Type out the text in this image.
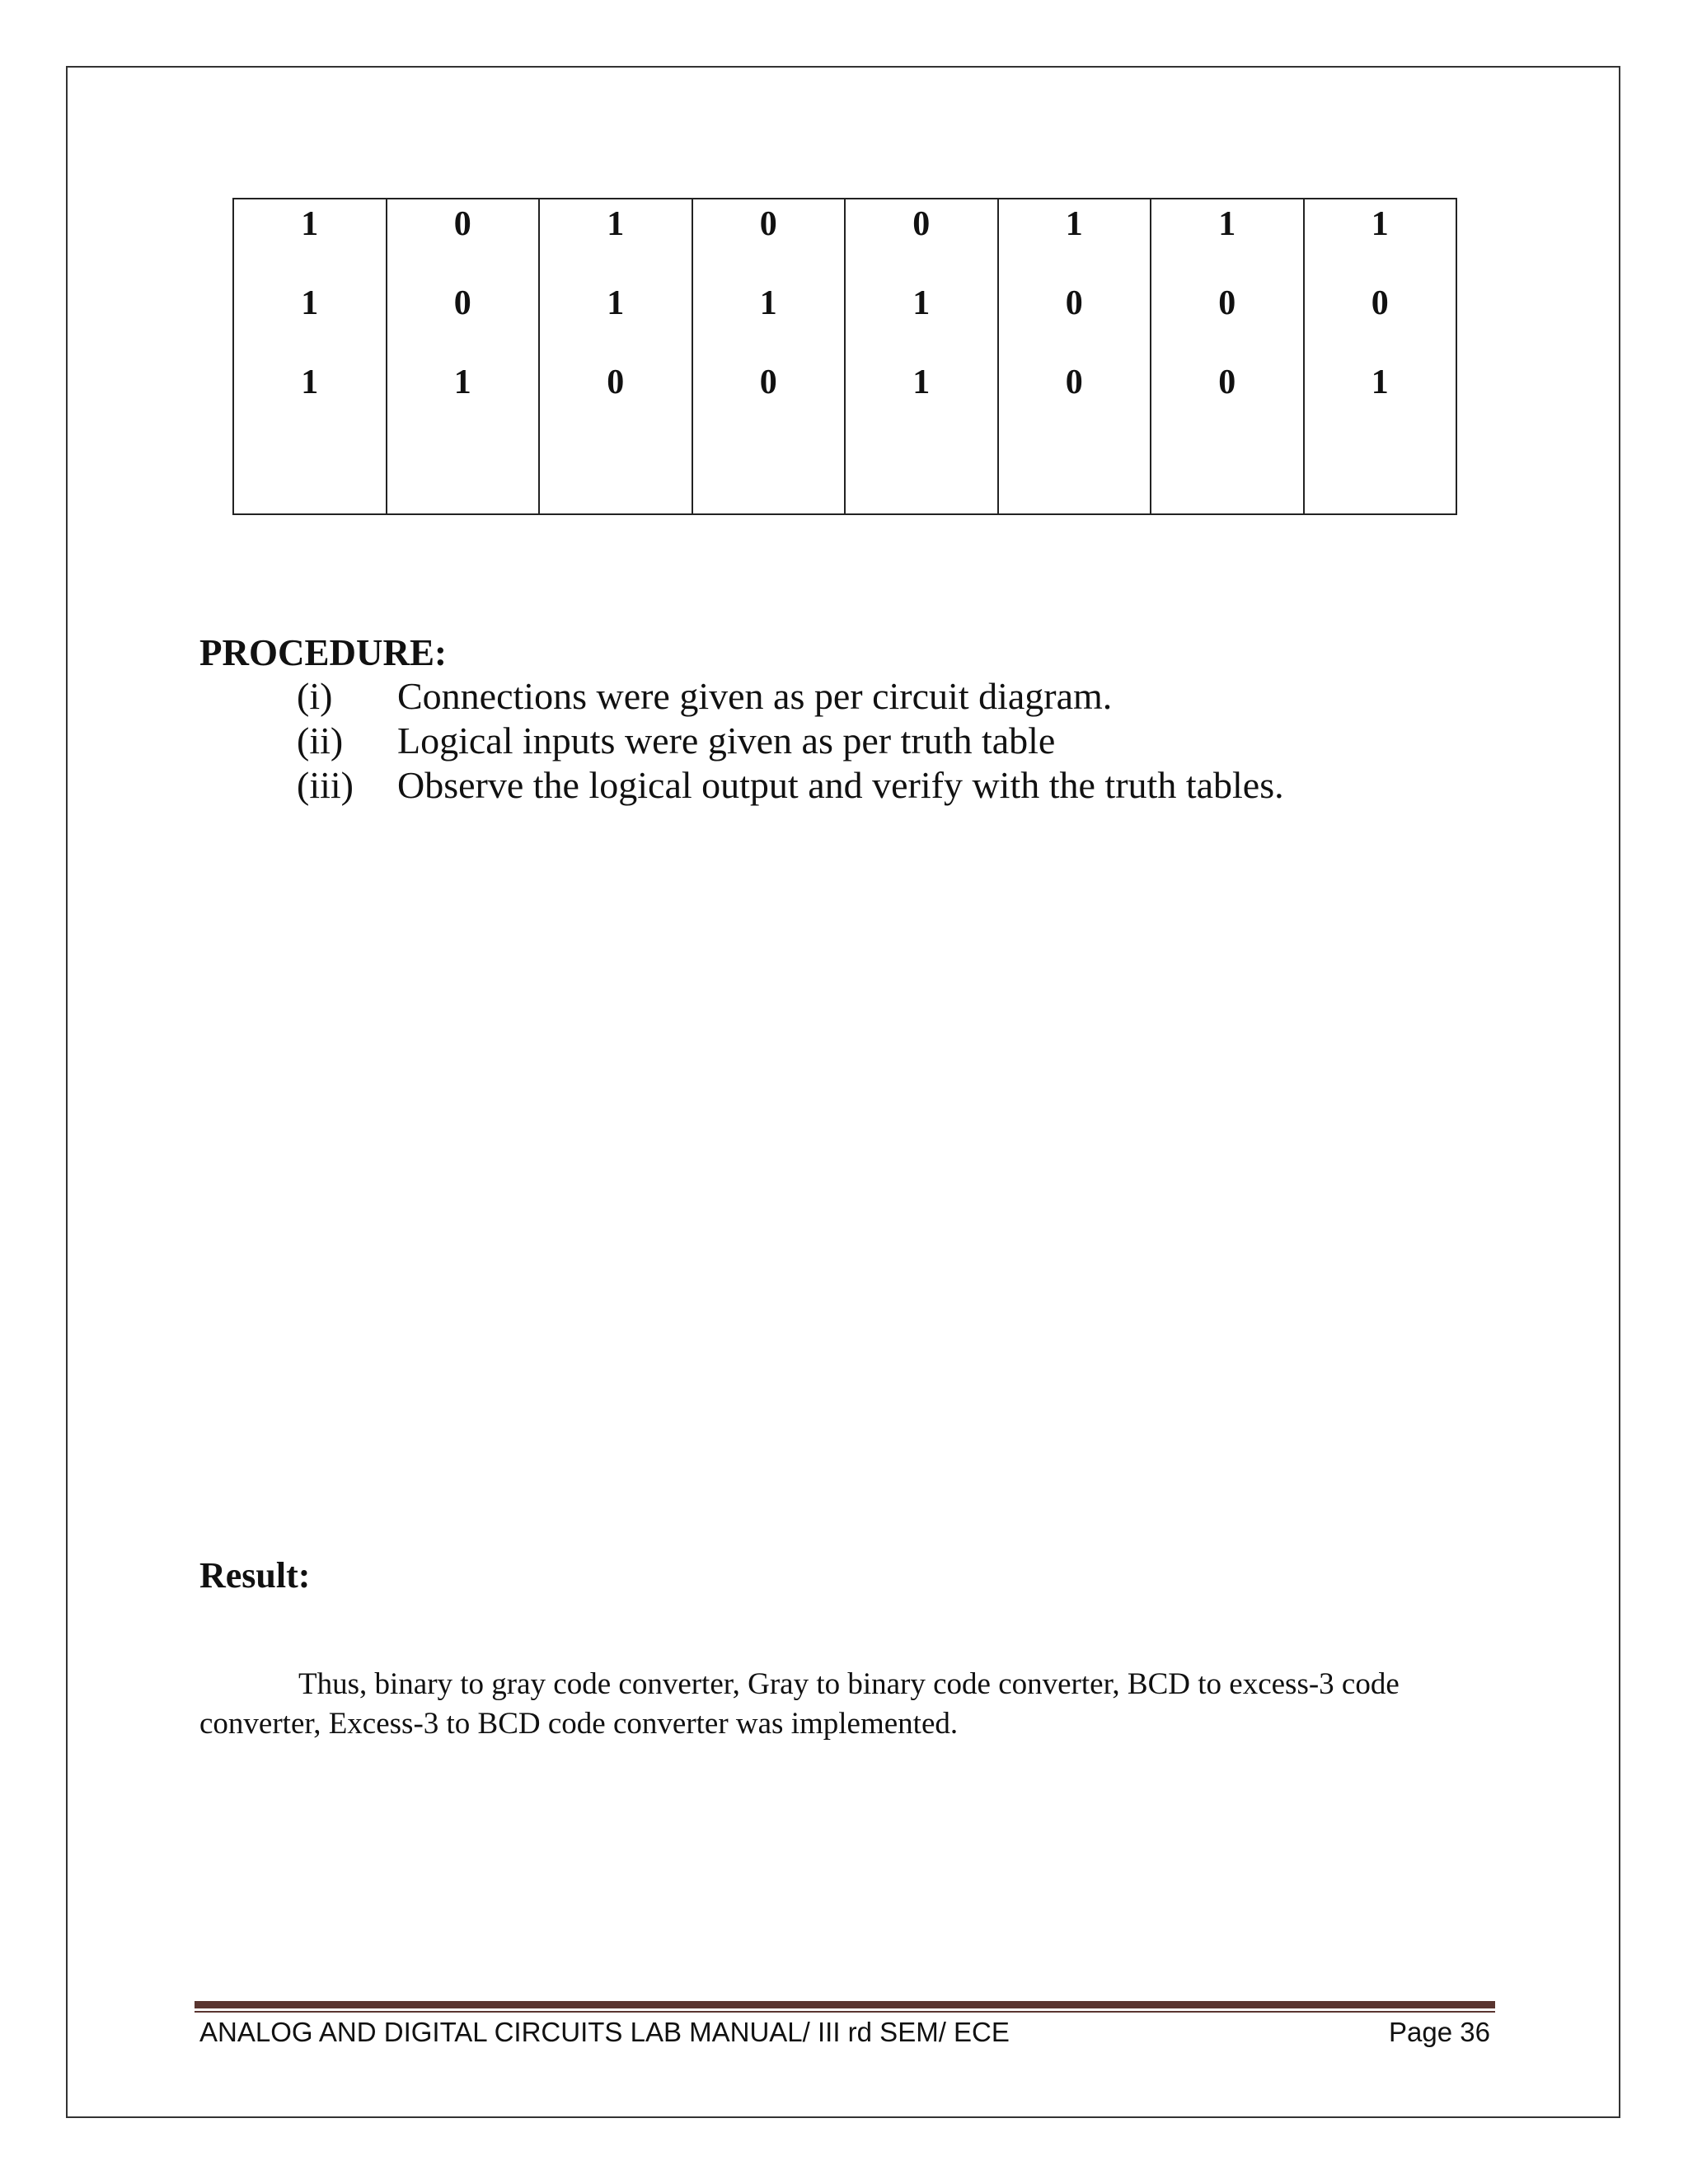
1
1
1

0
0
1

1
1
0

0
1
0

0
1
1

1
0
0

1
0
0

1
0
1
PROCEDURE:
(i)	Connections were given as per circuit diagram.
(ii)	Logical inputs were given as per truth table
(iii)	Observe the logical output and verify with the truth tables.
Result:

Thus, binary to gray code converter, Gray to binary code converter, BCD to excess-3 code converter, Excess-3 to BCD code converter was implemented.

ANALOG AND DIGITAL CIRCUITS LAB MANUAL/ III rd SEM/ ECE	Page 36
